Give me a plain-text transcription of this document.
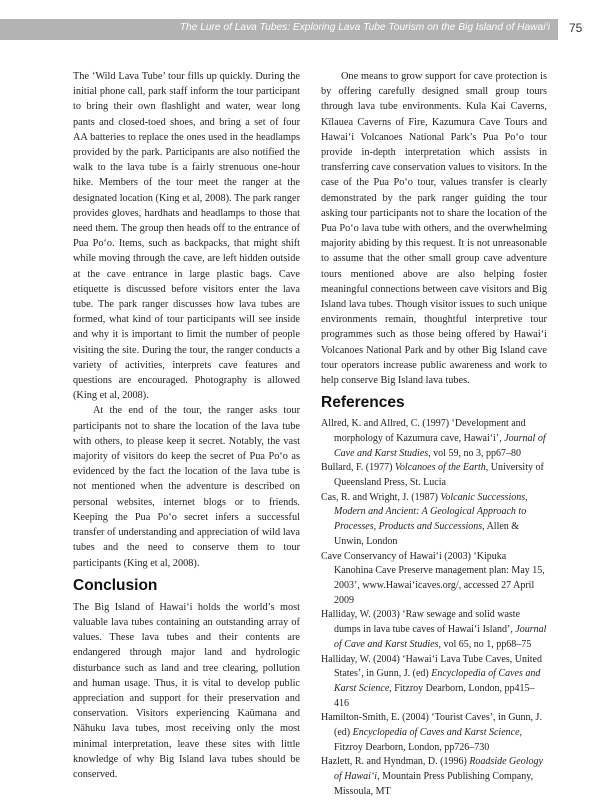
The Lure of Lava Tubes: Exploring Lava Tube Tourism on the Big Island of Hawai‘i 75

The ‘Wild Lava Tube’ tour fills up quickly. During the initial phone call, park staff inform the tour participant to bring their own flashlight and water, wear long pants and closed-toed shoes, and bring a set of four AA batteries to replace the ones used in the headlamps provided by the park. Participants are also notified the walk to the lava tube is a fairly strenuous one-hour hike. Members of the tour meet the ranger at the designated location (King et al, 2008). The park ranger provides gloves, hardhats and headlamps to those that need them. The group then heads off to the entrance of Pua Po‘o. Items, such as backpacks, that might shift while moving through the cave, are left hidden outside at the cave entrance in large plastic bags. Cave etiquette is discussed before visitors enter the lava tube. The park ranger discusses how lava tubes are formed, what kind of tour participants will see inside and why it is important to limit the number of people visiting the site. During the tour, the ranger conducts a variety of activities, interprets cave features and questions are encouraged. Photography is allowed (King et al, 2008).

At the end of the tour, the ranger asks tour participants not to share the location of the lava tube with others, to please keep it secret. Notably, the vast majority of visitors do keep the secret of Pua Po‘o as evidenced by the fact the location of the lava tube is not mentioned when the adventure is described on personal websites, internet blogs or to friends. Keeping the Pua Po‘o secret infers a successful transfer of understanding and appreciation of wild lava tubes and the need to conserve them to tour participants (King et al, 2008).

Conclusion

The Big Island of Hawai‘i holds the world’s most valuable lava tubes containing an outstanding array of values. These lava tubes and their contents are endangered through major land and hydrologic disturbance such as land and tree clearing, pollution and human usage. Thus, it is vital to develop public appreciation and support for their preservation and conservation. Visitors experiencing Kaūmana and Nāhuku lava tubes, most receiving only the most minimal interpretation, leave these sites with little knowledge of why Big Island lava tubes should be conserved.

One means to grow support for cave protection is by offering carefully designed small group tours through lava tube environments. Kula Kai Caverns, Kīlauea Caverns of Fire, Kazumura Cave Tours and Hawai‘i Volcanoes National Park’s Pua Po‘o tour provide in-depth interpretation which assists in transferring cave conservation values to visitors. In the case of the Pua Po‘o tour, values transfer is clearly demonstrated by the park ranger guiding the tour asking tour participants not to share the location of the Pua Po‘o lava tube with others, and the overwhelming majority abiding by this request. It is not unreasonable to assume that the other small group cave adventure tours mentioned above are also helping foster meaningful connections between cave visitors and Big Island lava tubes. Though visitor issues to such unique environments remain, thoughtful interpretive tour programmes such as those being offered by Hawai‘i Volcanoes National Park and by other Big Island cave tour operators increase public awareness and work to help conserve Big Island lava tubes.

References
Allred, K. and Allred, C. (1997) ‘Development and morphology of Kazumura cave, Hawai‘i’, Journal of Cave and Karst Studies, vol 59, no 3, pp67–80
Bullard, F. (1977) Volcanoes of the Earth, University of Queensland Press, St. Lucia
Cas, R. and Wright, J. (1987) Volcanic Successions, Modern and Ancient: A Geological Approach to Processes, Products and Successions, Allen & Unwin, London
Cave Conservancy of Hawai‘i (2003) ‘Kipuka Kanohina Cave Preserve management plan: May 15, 2003’, www.Hawai‘icaves.org/, accessed 27 April 2009
Halliday, W. (2003) ‘Raw sewage and solid waste dumps in lava tube caves of Hawai‘i Island’, Journal of Cave and Karst Studies, vol 65, no 1, pp68–75
Halliday, W. (2004) ‘Hawai‘i Lava Tube Caves, United States’, in Gunn, J. (ed) Encyclopedia of Caves and Karst Science, Fitzroy Dearborn, London, pp415–416
Hamilton-Smith, E. (2004) ‘Tourist Caves’, in Gunn, J. (ed) Encyclopedia of Caves and Karst Science, Fitzroy Dearborn, London, pp726–730
Hazlett, R. and Hyndman, D. (1996) Roadside Geology of Hawai‘i, Mountain Press Publishing Company, Missoula, MT
